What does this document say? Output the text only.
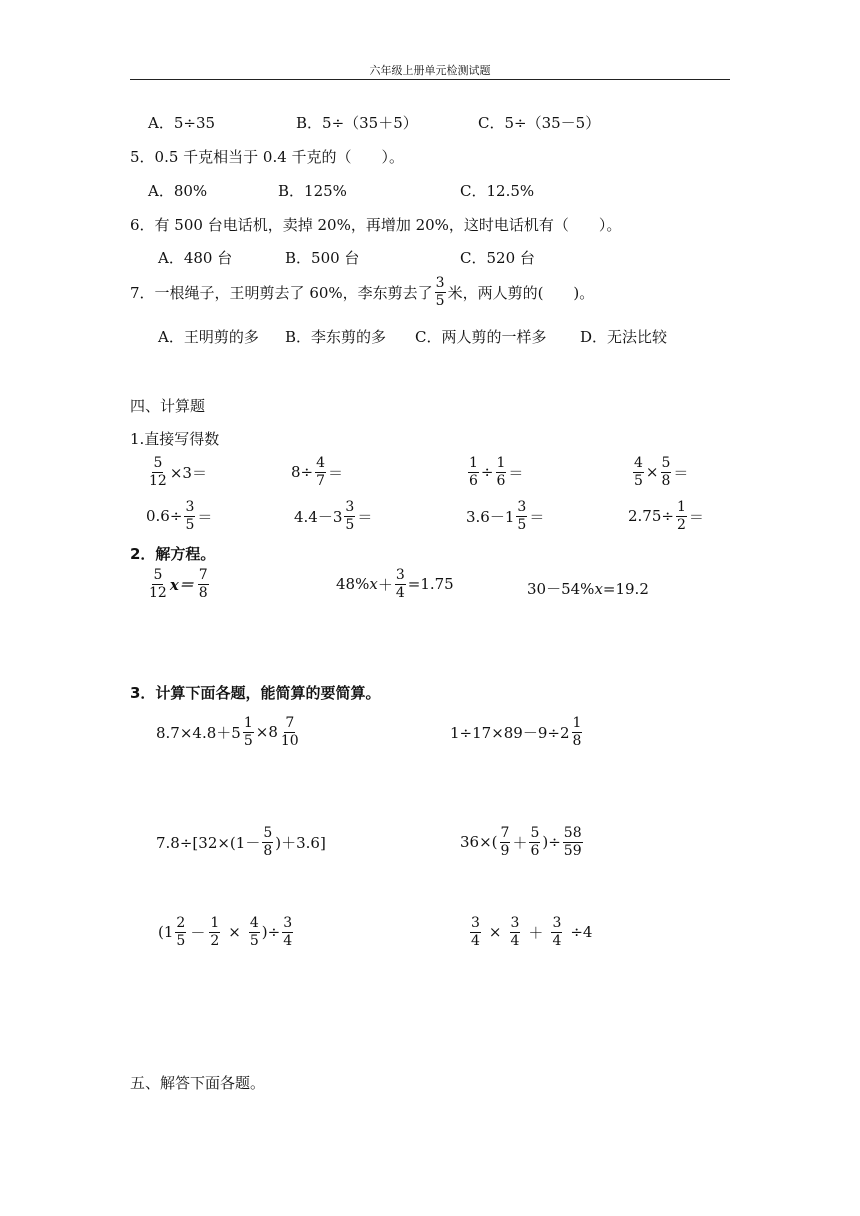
六年级上册单元检测试题
A．5÷35	B．5÷（35＋5）	C．5÷（35－5）
5．0.5 千克相当于 0.4 千克的（　　）。
A．80%	B．125%	C．12.5%
6．有 500 台电话机，卖掉 20%，再增加 20%，这时电话机有（　　）。
A．480 台	B．500 台	C．520 台
7．一根绳子，王明剪去了 60%，李东剪去了 $\frac{3}{5}$ 米，两人剪的(　　)。
A．王明剪的多 B．李东剪的多 C．两人剪的一样多 D．无法比较
四、计算题
1.直接写得数
$\frac{5}{12} \times 3=$	$8\div \frac{4}{7}$ ＝	$\frac{1}{6} \div \frac{1}{6}$ ＝	$\frac{4}{5} \times \frac{5}{8}$ ＝
$0.6\div \frac{3}{5}$ ＝	$4.4-3 \frac{3}{5}$ ＝	$3.6-1 \frac{3}{5}$ ＝	$2.75\div \frac{1}{2}$ ＝
2．解方程。
$\frac{5}{12} x= \frac{7}{8}$	48% $x + \frac{3}{4} =1.75$	30－54% x =19.2
3．计算下面各题，能简算的要简算。
$8.7\times 4.8+5 \frac{1}{5} \times 8 \frac{7}{10}$	$1\div 17\times 89-9\div 2 \frac{1}{8}$
$7.8\div[32\times(1- \frac{5}{8} )+3.6]$	$36\times( \frac{7}{9} + \frac{5}{6}$ )÷ $\frac{58}{59}$
($1 \frac{2}{5} - \frac{1}{2} \times \frac{4}{5}$ )÷ $\frac{3}{4}$	$\frac{3}{4} \times \frac{3}{4} + \frac{3}{4} \div 4$
五、解答下面各题。
